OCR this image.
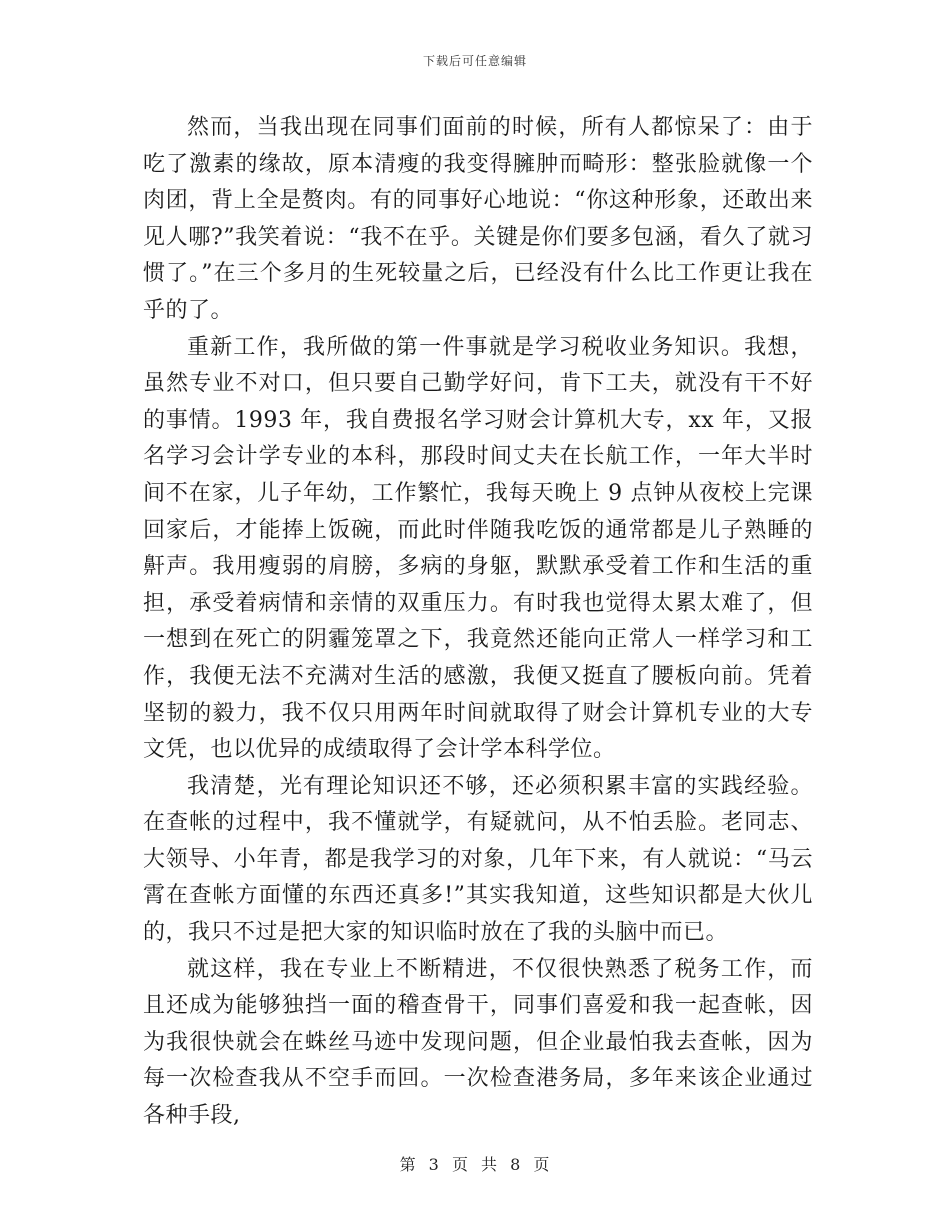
下载后可任意编辑

然而，当我出现在同事们面前的时候，所有人都惊呆了：由于吃了激素的缘故，原本清瘦的我变得臃肿而畸形：整张脸就像一个肉团，背上全是赘肉。有的同事好心地说：“你这种形象，还敢出来见人哪?”我笑着说：“我不在乎。关键是你们要多包涵，看久了就习惯了。”在三个多月的生死较量之后，已经没有什么比工作更让我在乎的了。

重新工作，我所做的第一件事就是学习税收业务知识。我想，虽然专业不对口，但只要自己勤学好问，肯下工夫，就没有干不好的事情。1993 年，我自费报名学习财会计算机大专，xx 年，又报名学习会计学专业的本科，那段时间丈夫在长航工作，一年大半时间不在家，儿子年幼，工作繁忙，我每天晚上 9 点钟从夜校上完课回家后，才能捧上饭碗，而此时伴随我吃饭的通常都是儿子熟睡的鼾声。我用瘦弱的肩膀，多病的身躯，默默承受着工作和生活的重担，承受着病情和亲情的双重压力。有时我也觉得太累太难了，但一想到在死亡的阴霾笼罩之下，我竟然还能向正常人一样学习和工作，我便无法不充满对生活的感激，我便又挺直了腰板向前。凭着坚韧的毅力，我不仅只用两年时间就取得了财会计算机专业的大专文凭，也以优异的成绩取得了会计学本科学位。

我清楚，光有理论知识还不够，还必须积累丰富的实践经验。在查帐的过程中，我不懂就学，有疑就问，从不怕丢脸。老同志、大领导、小年青，都是我学习的对象，几年下来，有人就说：“马云霄在查帐方面懂的东西还真多!”其实我知道，这些知识都是大伙儿的，我只不过是把大家的知识临时放在了我的头脑中而已。

就这样，我在专业上不断精进，不仅很快熟悉了税务工作，而且还成为能够独挡一面的稽查骨干，同事们喜爱和我一起查帐，因为我很快就会在蛛丝马迹中发现问题，但企业最怕我去查帐，因为每一次检查我从不空手而回。一次检查港务局，多年来该企业通过各种手段,

第 3 页 共 8 页
